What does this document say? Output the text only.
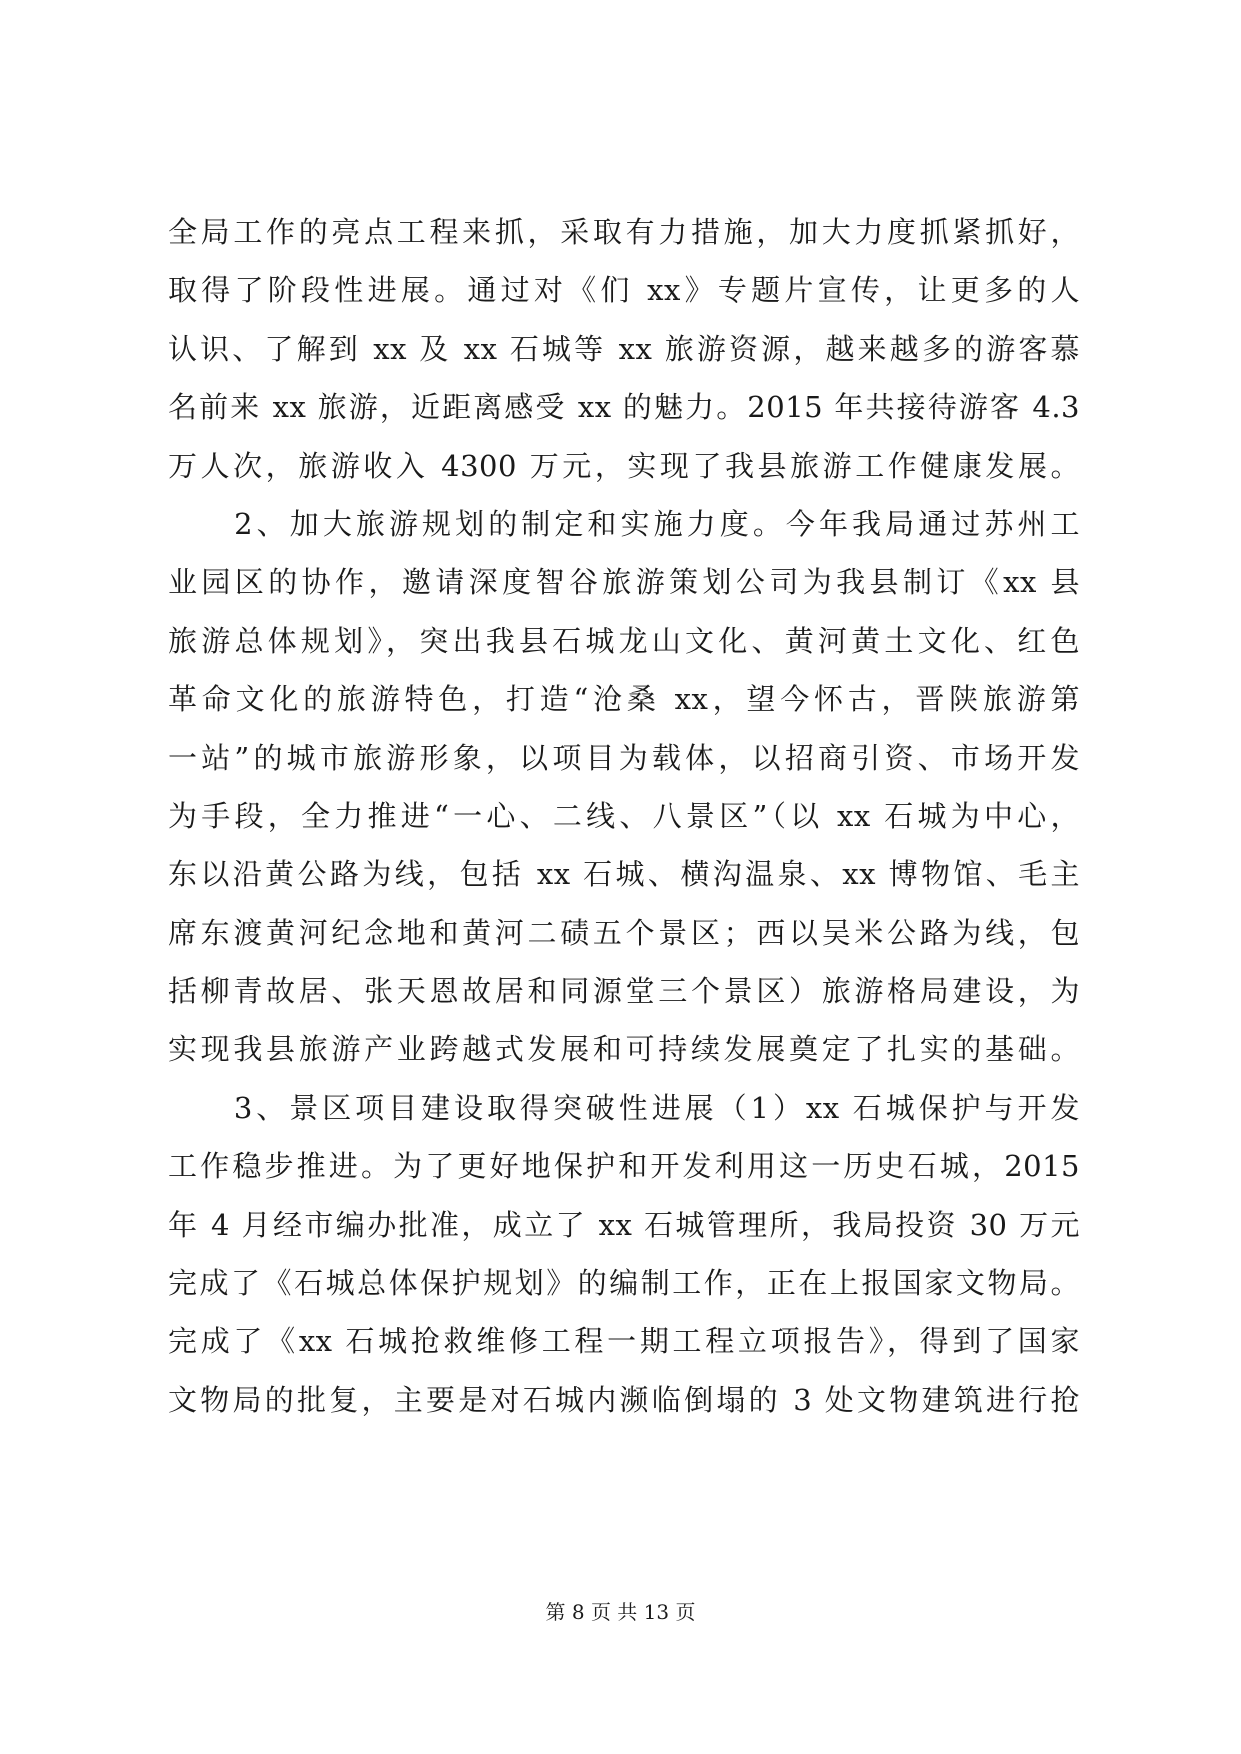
全局工作的亮点工程来抓，采取有力措施，加大力度抓紧抓好，
取得了阶段性进展。通过对《们 xx》专题片宣传，让更多的人
认识、了解到 xx 及 xx 石城等 xx 旅游资源，越来越多的游客慕
名前来 xx 旅游，近距离感受 xx 的魅力。2015 年共接待游客 4.3
万人次，旅游收入 4300 万元，实现了我县旅游工作健康发展。
　　2、加大旅游规划的制定和实施力度。今年我局通过苏州工
业园区的协作，邀请深度智谷旅游策划公司为我县制订《xx 县
旅游总体规划》，突出我县石城龙山文化、黄河黄土文化、红色
革命文化的旅游特色，打造“沧桑 xx，望今怀古，晋陕旅游第
一站”的城市旅游形象，以项目为载体，以招商引资、市场开发
为手段，全力推进“一心、二线、八景区”（以 xx 石城为中心，
东以沿黄公路为线，包括 xx 石城、横沟温泉、xx 博物馆、毛主
席东渡黄河纪念地和黄河二碛五个景区；西以吴米公路为线，包
括柳青故居、张天恩故居和同源堂三个景区）旅游格局建设，为
实现我县旅游产业跨越式发展和可持续发展奠定了扎实的基础。
　　3、景区项目建设取得突破性进展（1）xx 石城保护与开发
工作稳步推进。为了更好地保护和开发利用这一历史石城，2015
年 4 月经市编办批准，成立了 xx 石城管理所，我局投资 30 万元
完成了《石城总体保护规划》的编制工作，正在上报国家文物局。
完成了《xx 石城抢救维修工程一期工程立项报告》，得到了国家
文物局的批复，主要是对石城内濒临倒塌的 3 处文物建筑进行抢
第 8 页 共 13 页
